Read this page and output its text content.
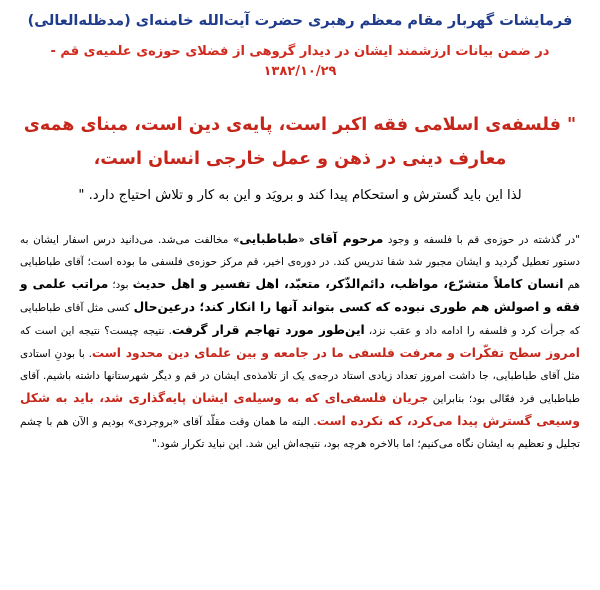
فرمایشات گهربار مقام معظم رهبری حضرت آیت‌الله خامنه‌ای (مدظله‌العالی)
در ضمن بیانات ارزشمند ایشان در دیدار گروهی از فضلای حوزه‌ی علمیه‌ی قم - ۱۳۸۲/۱۰/۲۹
" فلسفه‌ی اسلامی فقه اکبر است، پایه‌ی دین است، مبنای همه‌ی معارف دینی در ذهن و عمل خارجی انسان است،
لذا این باید گسترش و استحکام پیدا کند و برویَد و این به کار و تلاش احتیاج دارد. "
"در گذشته در حوزه‌ی قم با فلسفه و وجود مرحوم آقای «طباطبایی» مخالفت می‌شد. می‌دانید درس اسفار ایشان به دستور تعطیل گردید و ایشان مجبور شد شفا تدریس کند. در دوره‌ی اخیر، قم مرکز حوزه‌ی فلسفی ما بوده است؛ آقای طباطبایی هم انسان کاملاً متشرّع، مواظب، دائم‌الذّکر، متعبّد، اهل تفسیر و اهل حدیث بود؛ مراتب علمی و فقه و اصولش هم طوری نبوده که کسی بتواند آنها را انکار کند؛ درعین‌حال کسی مثل آقای طباطبایی که جرأت کرد و فلسفه را ادامه داد و عقب نزد، این‌طور مورد تهاجم قرار گرفت. نتیجه چیست؟ نتیجه این است که امروز سطح تفکّرات و معرفت فلسفی ما در جامعه و بین علمای دین محدود است. با بودنِ استادی مثل آقای طباطبایی، جا داشت امروز تعداد زیادی استاد درجه‌ی یک از تلامذه‌ی ایشان در قم و دیگر شهرستانها داشته باشیم. آقای طباطبایی فرد فعّالی بود؛ بنابراین جریان فلسفی‌ای که به وسیله‌ی ایشان پایه‌گذاری شد، باید به شکل وسیعی گسترش پیدا می‌کرد، که نکرده است. البته ما همان وقت مقلّد آقای «بروجردی» بودیم و الآن هم با چشم تجلیل و تعظیم به ایشان نگاه می‌کنیم؛ اما بالاخره هرچه بود، نتیجه‌اش این شد. این نباید تکرار شود."
